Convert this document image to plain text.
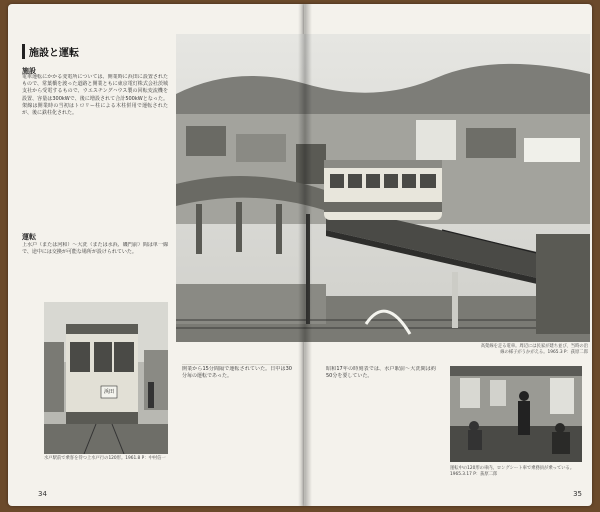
施設と運転
施設
電車運転にかかる変電所については、開業時に浜田に設置されたもので、常葉橋を渡った道路と開業ともに東京電灯株式会社茨城支社から受電するもので、ウエスチングハウス製の回転変流機を設置、容量は300kWで、後に増設されて合計500kWとなった。架線は開業時の当初はトロリー柱による木柱併用で運転されたが、後に鉄柱化された。
運転
上水戸（または河和）〜大洗（または水浜、磯門前）間は単一線で、途中には交換が可能な場所が設けられていた。
浜田
水戸駅前で乗客を待つ上水戸行の120形。1961.8 P：中村信一
34
開業から15分間隔で運転されていた。日中は30分毎の運転であった。
昭和17年の時刻表では、水戸駅前〜大洗間は約50分を要していた。
運転中の120形の車内。ロングシート車で乗務員が乗っている。1965.3.17 P：荻原二郎
35
高架線を走る電車。周辺には民家が建ち並び、当時の沿線の様子がうかがえる。1965.3 P：荻原二郎
